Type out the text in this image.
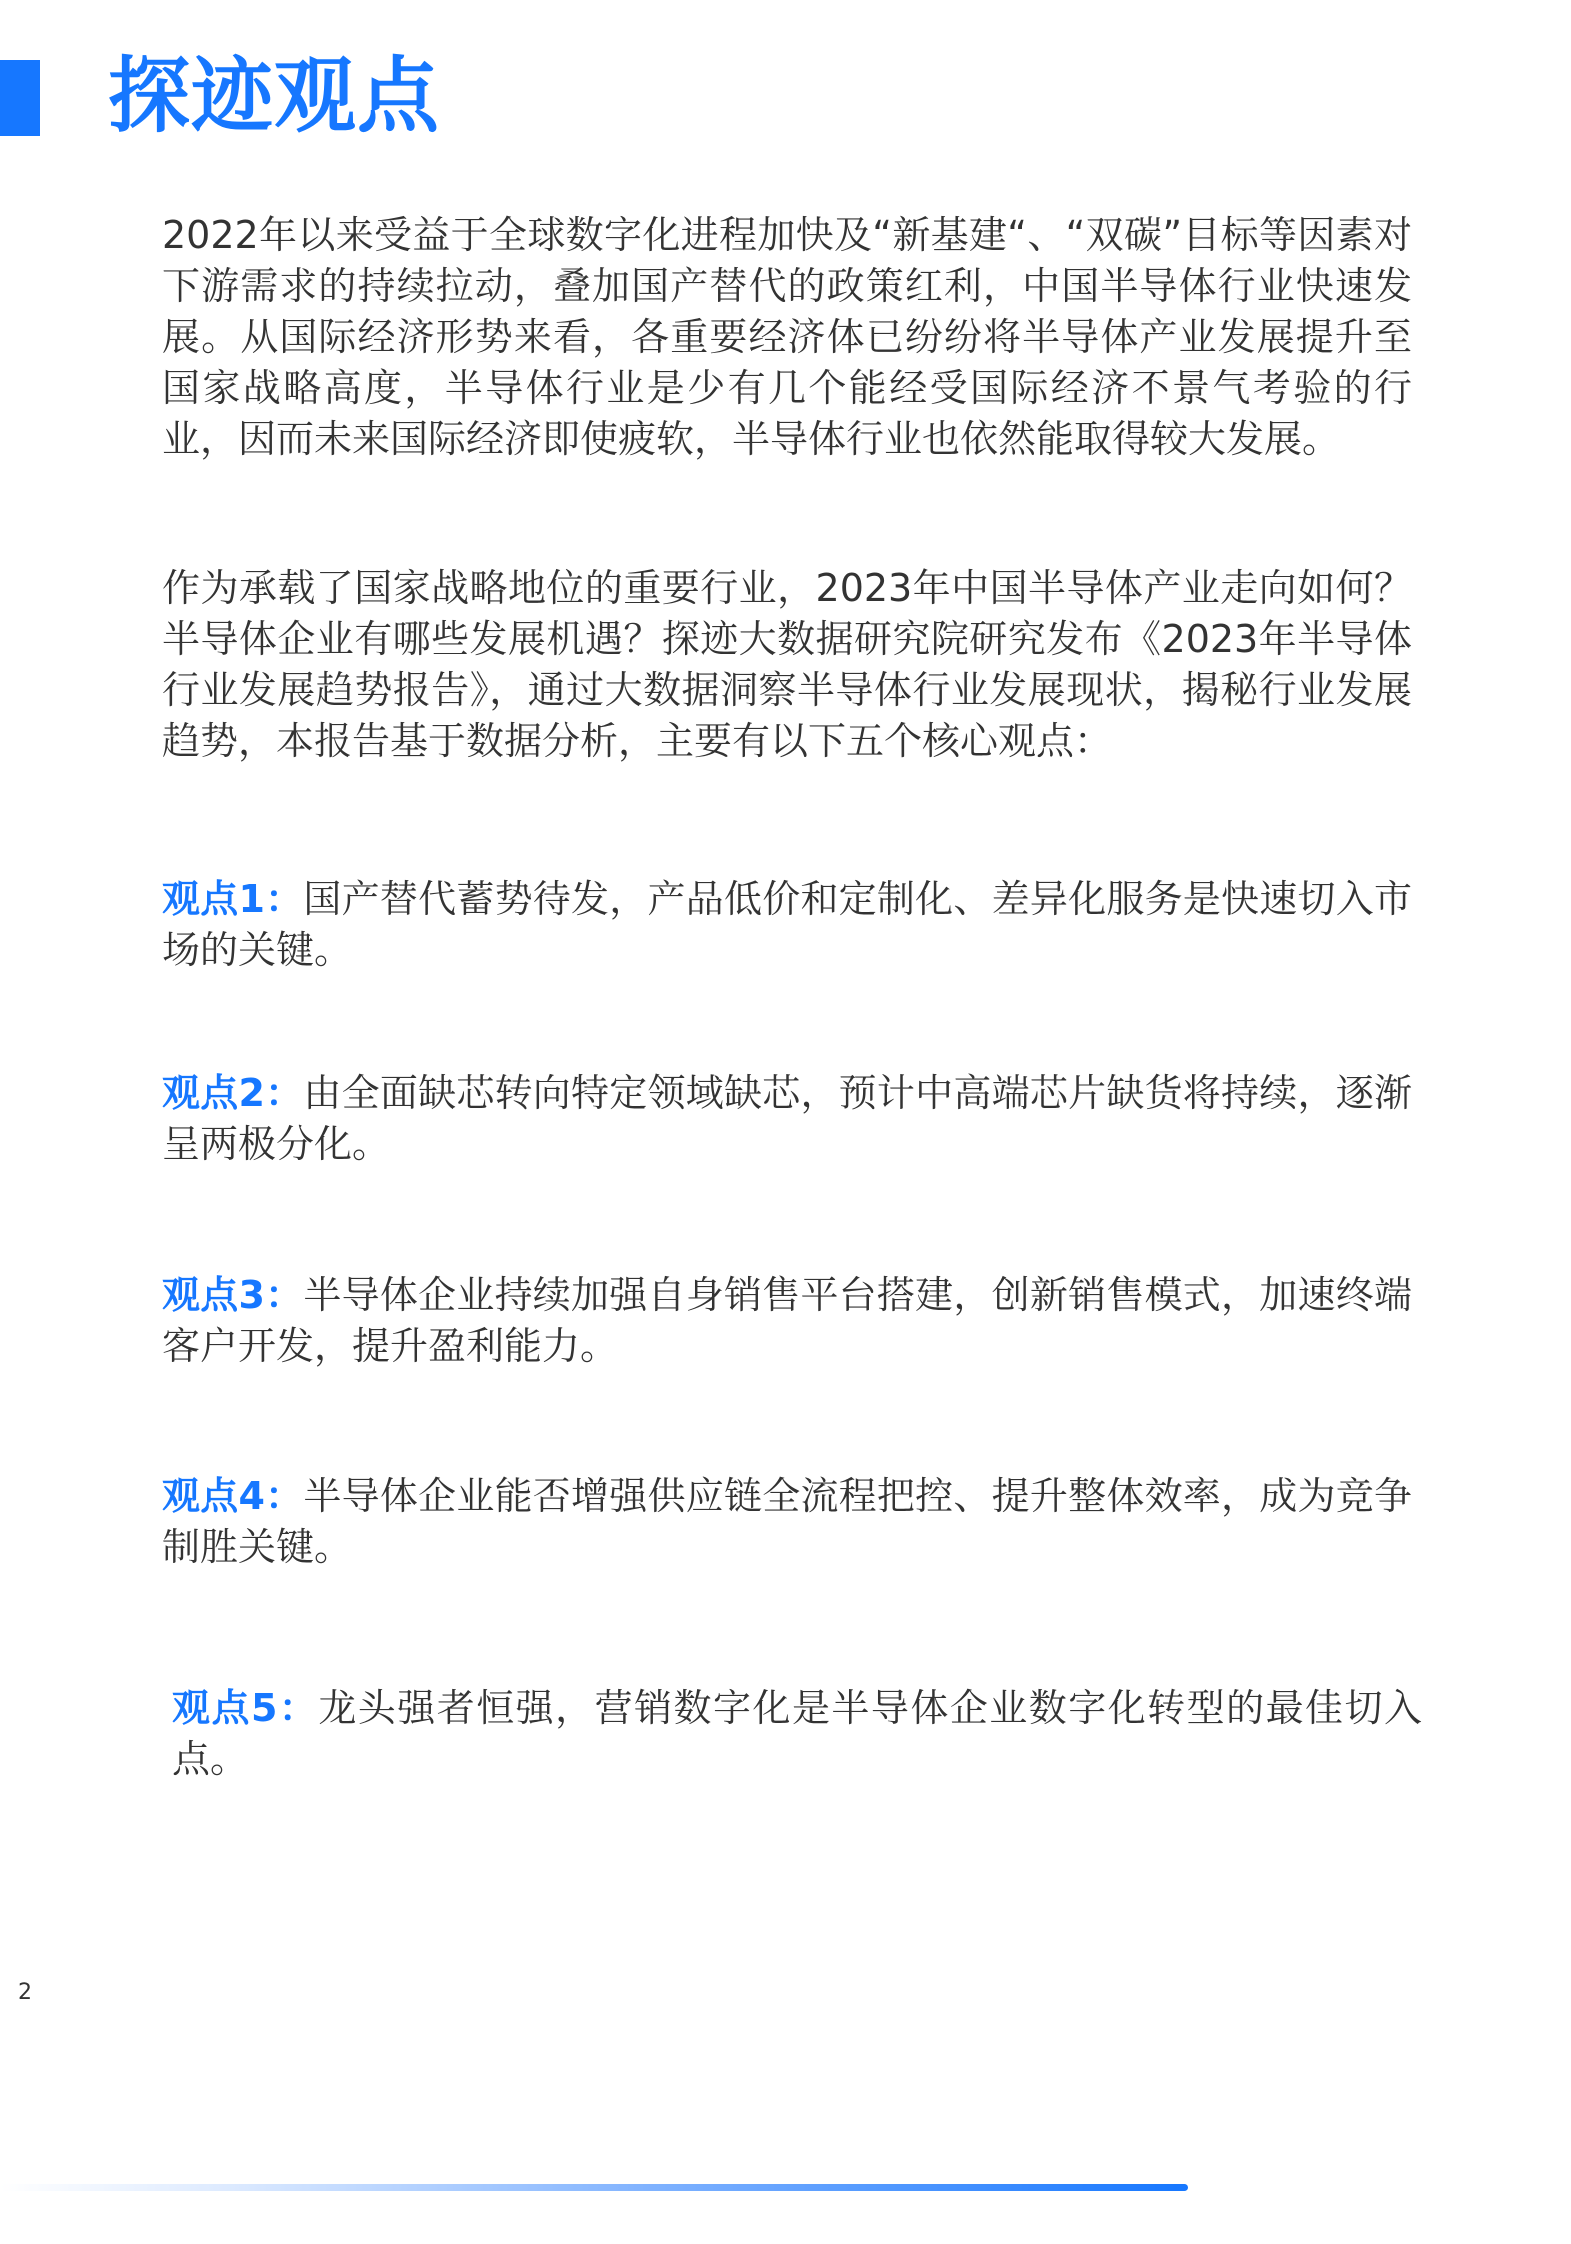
探迹观点

2022年以来受益于全球数字化进程加快及“新基建“、“双碳”目标等因素对下游需求的持续拉动，叠加国产替代的政策红利，中国半导体行业快速发展。从国际经济形势来看，各重要经济体已纷纷将半导体产业发展提升至国家战略高度，半导体行业是少有几个能经受国际经济不景气考验的行业，因而未来国际经济即使疲软，半导体行业也依然能取得较大发展。

作为承载了国家战略地位的重要行业，2023年中国半导体产业走向如何？半导体企业有哪些发展机遇？探迹大数据研究院研究发布《2023年半导体行业发展趋势报告》，通过大数据洞察半导体行业发展现状，揭秘行业发展趋势，本报告基于数据分析，主要有以下五个核心观点：

观点1：国产替代蓄势待发，产品低价和定制化、差异化服务是快速切入市场的关键。

观点2：由全面缺芯转向特定领域缺芯，预计中高端芯片缺货将持续，逐渐呈两极分化。

观点3：半导体企业持续加强自身销售平台搭建，创新销售模式，加速终端客户开发，提升盈利能力。

观点4：半导体企业能否增强供应链全流程把控、提升整体效率，成为竞争制胜关键。

观点5：龙头强者恒强，营销数字化是半导体企业数字化转型的最佳切入点。

2
